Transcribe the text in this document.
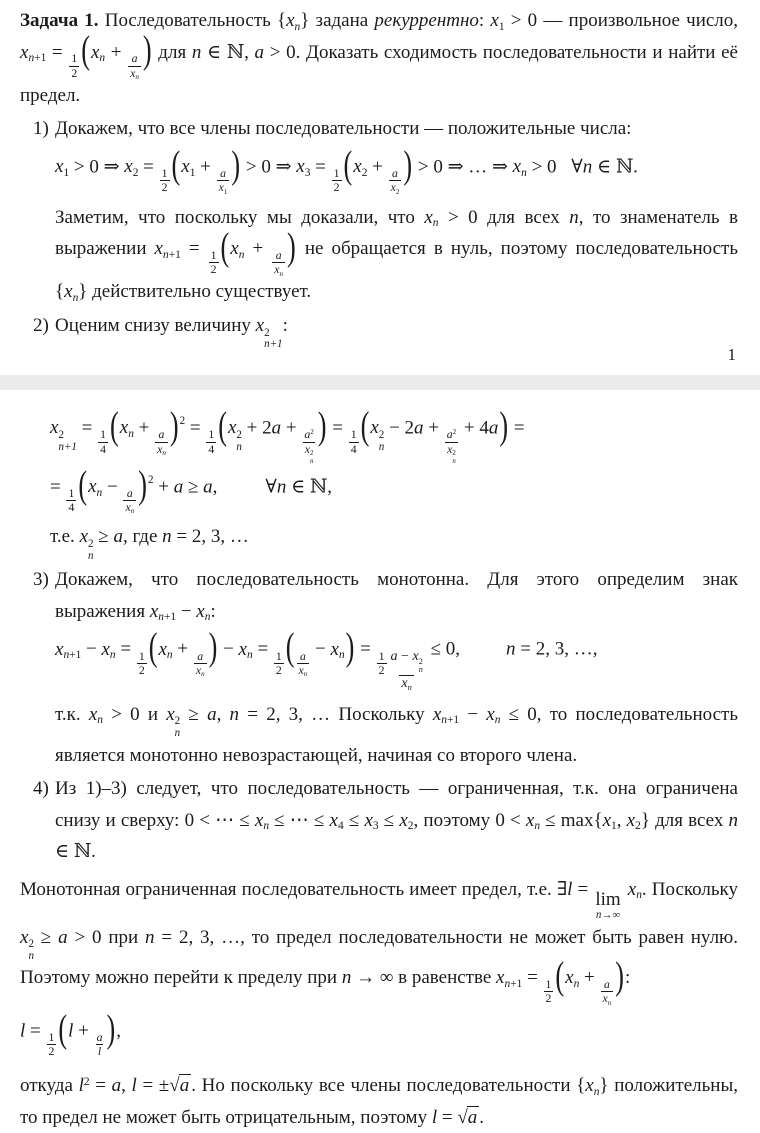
Задача 1. Последовательность {xn} задана рекуррентно: x1 > 0 — произвольное число, xn+1 =
$\frac{1}{2} (xn$ +
$\frac{a}{xn}$ ) для n ∈ ℕ, a > 0. Доказать сходимость последовательности и найти её предел.

1) Докажем, что все члены последовательности — положительные числа:

x1 > 0 ⇒ x2 =
$\frac{1}{2} (x1$ +
$\frac{a}{x1}$ ) > 0 ⇒ x3 =
$\frac{1}{2} (x2$ +
$\frac{a}{x2}$ ) > 0 ⇒ … ⇒ xn > 0 ∀n ∈ ℕ.

Заметим, что поскольку мы доказали, что xn > 0 для всех n, то знаменатель в выражении xn+1 =
$\frac{1}{2} (xn$ +
$\frac{a}{xn}$ ) не обращается в нуль, поэтому последовательность {xn} действительно существует.

2) Оценим снизу величину x 2
n+1
:

1
x 2
n+1
=
$\frac{1}{4} (xn$ +
$\frac{a}{xn} )^2$ =
$\frac{1}{4} (x$ 2
n
+ 2a +
$a^2$
x 2
n ) =
$\frac{1}{4} (x$ 2
n
− 2a +
$a^2$
x 2
n
+ 4a) =
=
$\frac{1}{4} (xn$ −
$\frac{a}{xn} )^2 + a \ge a$,	∀n ∈ ℕ,

т.е. x 2
n
≥ a, где n = 2, 3, …

3) Докажем, что последовательность монотонна. Для этого определим знак выражения xn+1 − xn:

xn+1 − xn =
$\frac{1}{2} (xn$ +
$\frac{a}{xn}$ ) − xn =
$\frac{1}{2}$ ( $\frac{a}{xn}$
− xn) =
$\frac{1}{2}$ a − x 2
n
xn
≤ 0, n = 2, 3, …,

т.к. xn > 0 и x 2
n
≥ a, n = 2, 3, … Поскольку xn+1 − xn ≤ 0, то последовательность является монотонно невозрастающей, начиная со второго члена.

4) Из 1)–3) следует, что последовательность — ограниченная, т.к. она ограничена снизу и сверху: 0 < ⋯ ≤ xn ≤ ⋯ ≤ x4 ≤ x3 ≤ x2, поэтому 0 < xn ≤ max{x1, x2} для всех n ∈ ℕ.

Монотонная ограниченная последовательность имеет предел, т.е. ∃l = lim
n→∞
xn. Поскольку x 2
n
≥ a > 0 при n = 2, 3, …, то предел последовательности не может быть равен нулю. Поэтому можно перейти к пределу при n → ∞ в равенстве xn+1 =
$\frac{1}{2} (xn$ +
$\frac{a}{xn}$ ):

l =
$\frac{1}{2} (l$ +
$\frac{a}{l}$ ),

откуда $l^2 = a$, l = ±√a . Но поскольку все члены последовательности {xn} положительны, то предел не может быть отрицательным, поэтому l = √a .
